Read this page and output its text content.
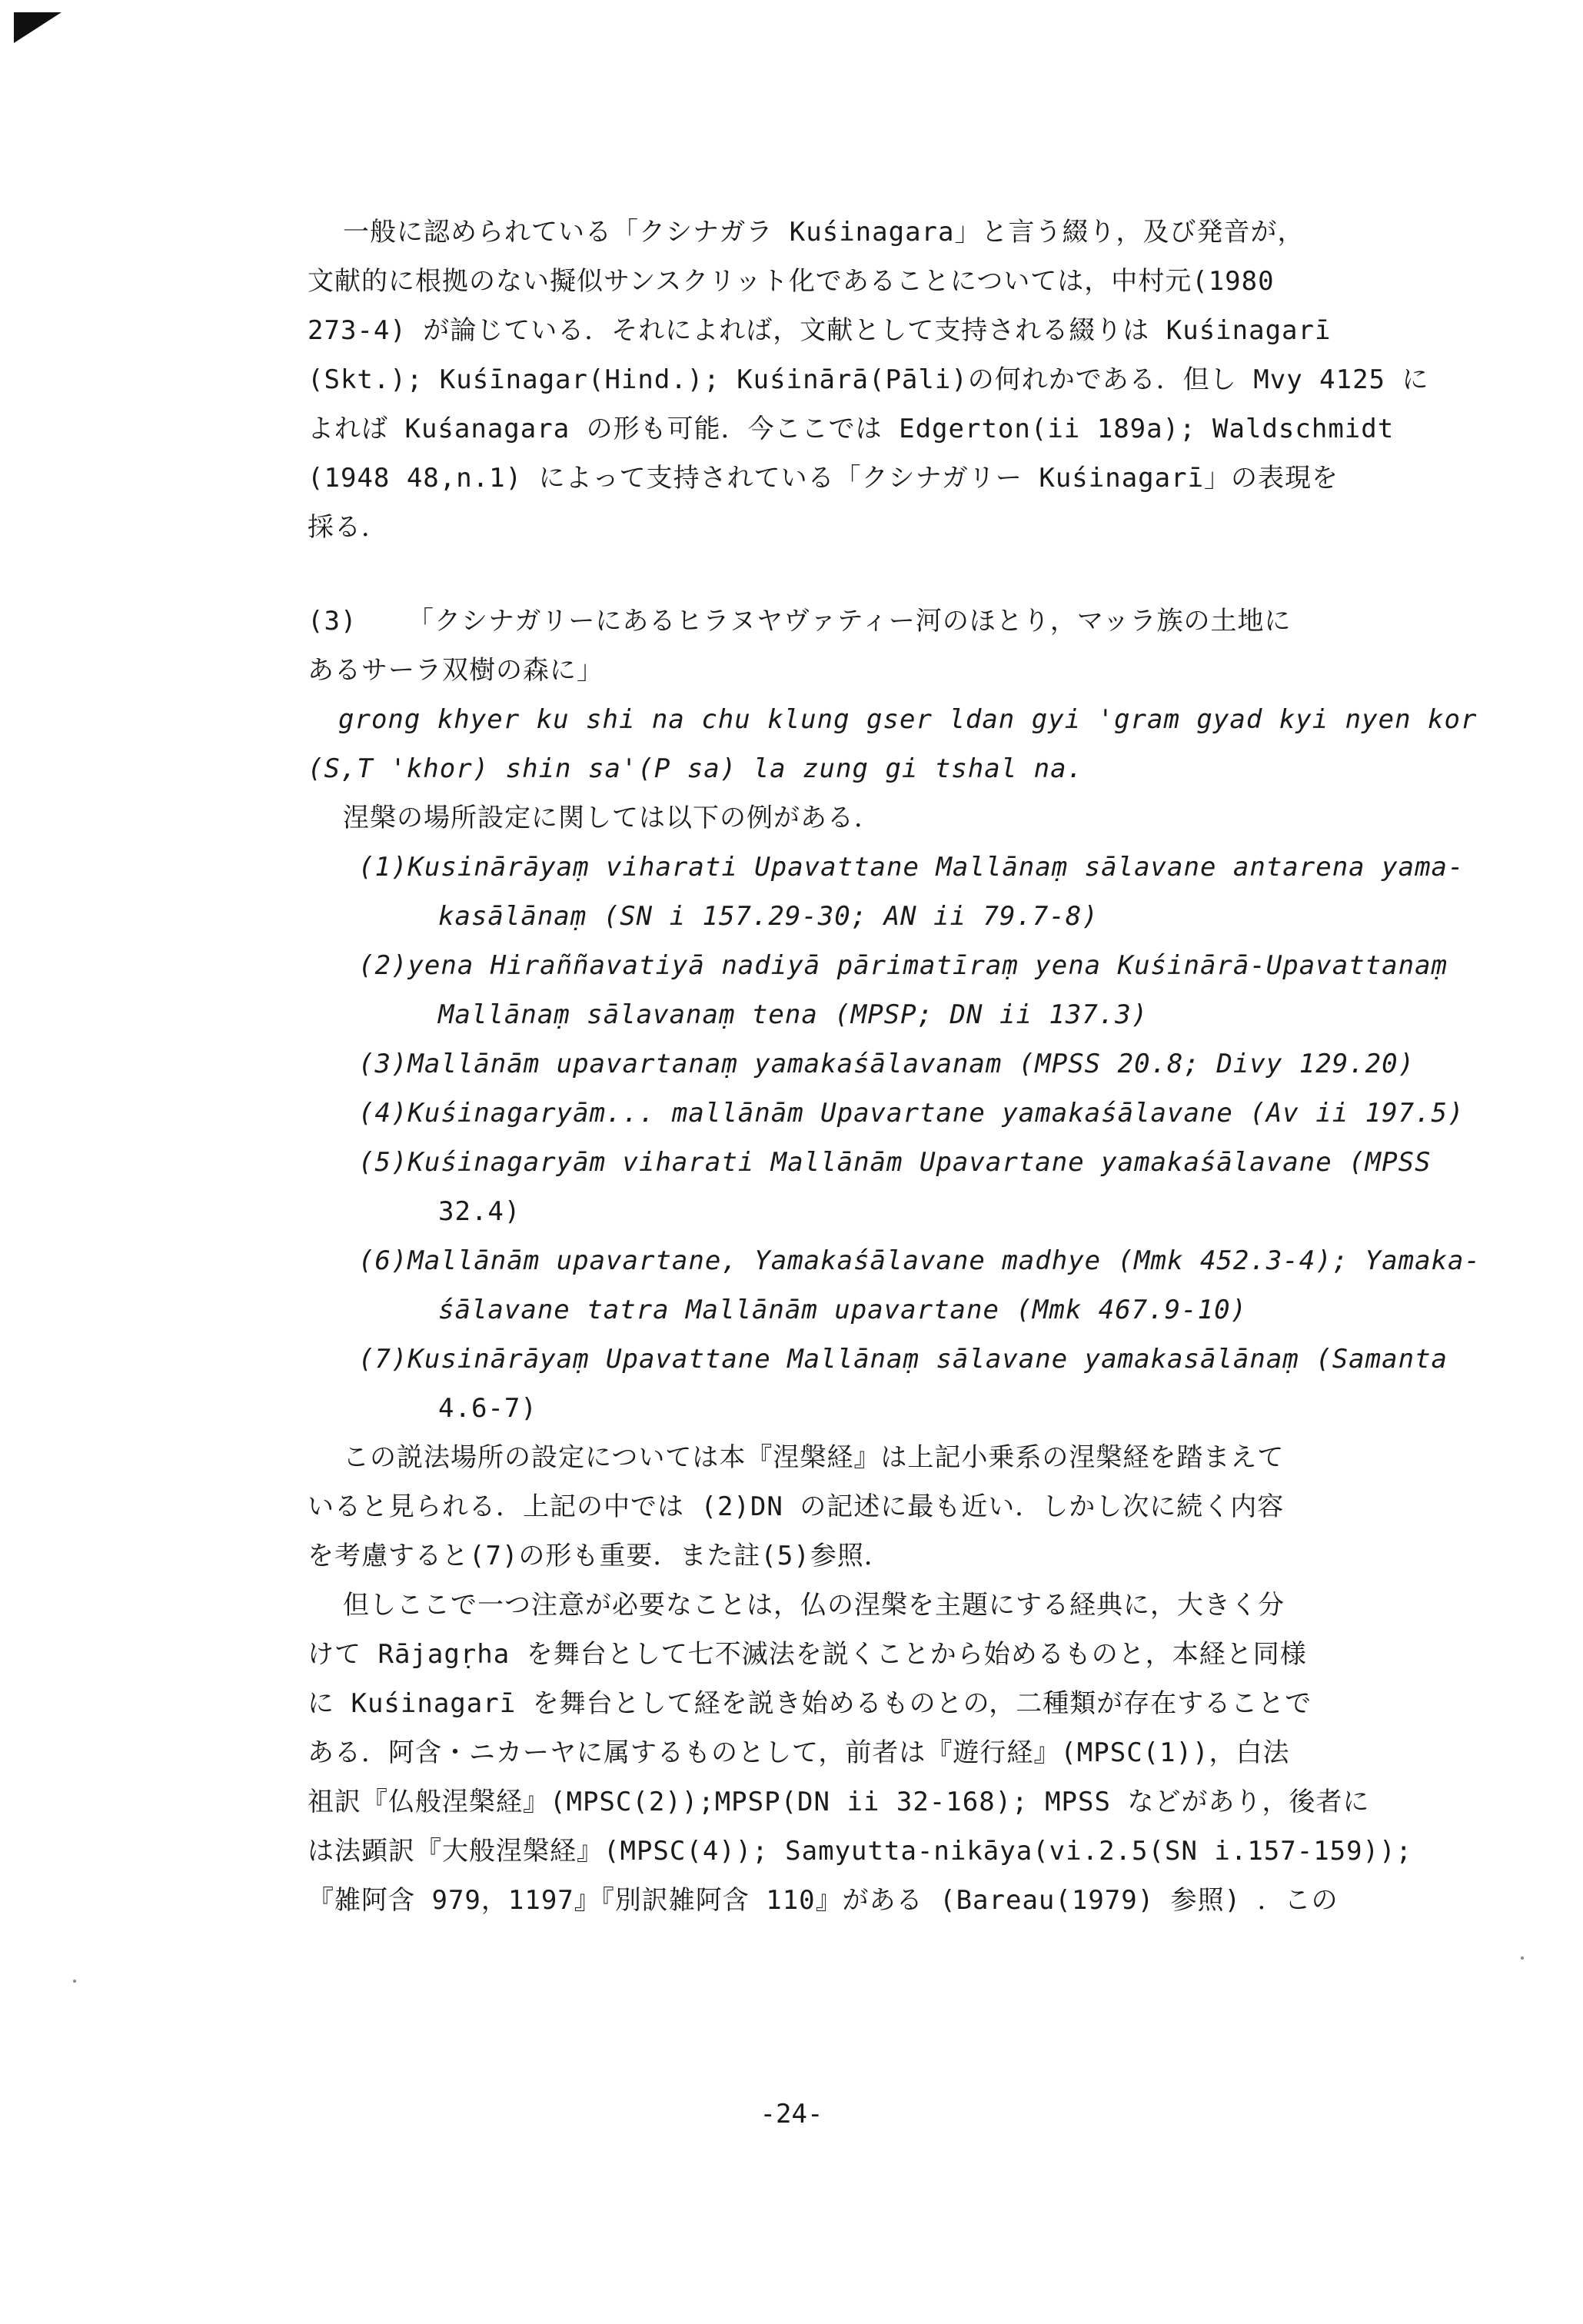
一般に認められている「クシナガラ Kuśinagara」と言う綴り，及び発音が，

文献的に根拠のない擬似サンスクリット化であることについては，中村元(1980

273-4) が論じている．それによれば，文献として支持される綴りは Kuśinagarī

(Skt.); Kuśīnagar(Hind.); Kuśinārā(Pāli)の何れかである．但し Mvy 4125 に

よれば Kuśanagara の形も可能．今ここでは Edgerton(ii 189a); Waldschmidt

(1948 48,n.1) によって支持されている「クシナガリー Kuśinagarī」の表現を

採る．

(3) 「クシナガリーにあるヒラヌヤヴァティー河のほとり，マッラ族の土地に

あるサーラ双樹の森に」

grong khyer ku shi na chu klung gser ldan gyi 'gram gyad kyi nyen kor

(S,T 'khor) shin sa'(P sa) la zung gi tshal na.

涅槃の場所設定に関しては以下の例がある．

(1)Kusinārāyaṃ viharati Upavattane Mallānaṃ sālavane antarena yama-

kasālānaṃ (SN i 157.29-30; AN ii 79.7-8)

(2)yena Hiraññavatiyā nadiyā pārimatīraṃ yena Kuśinārā-Upavattanaṃ

Mallānaṃ sālavanaṃ tena (MPSP; DN ii 137.3)

(3)Mallānām upavartanaṃ yamakaśālavanam (MPSS 20.8; Divy 129.20)

(4)Kuśinagaryām... mallānām Upavartane yamakaśālavane (Av ii 197.5)

(5)Kuśinagaryām viharati Mallānām Upavartane yamakaśālavane (MPSS

32.4)

(6)Mallānām upavartane, Yamakaśālavane madhye (Mmk 452.3-4); Yamaka-

śālavane tatra Mallānām upavartane (Mmk 467.9-10)

(7)Kusinārāyaṃ Upavattane Mallānaṃ sālavane yamakasālānaṃ (Samanta

4.6-7)

この説法場所の設定については本『涅槃経』は上記小乗系の涅槃経を踏まえて

いると見られる．上記の中では (2)DN の記述に最も近い．しかし次に続く内容

を考慮すると(7)の形も重要．また註(5)参照．

但しここで一つ注意が必要なことは，仏の涅槃を主題にする経典に，大きく分

けて Rājagṛha を舞台として七不滅法を説くことから始めるものと，本経と同様

に Kuśinagarī を舞台として経を説き始めるものとの，二種類が存在することで

ある．阿含・ニカーヤに属するものとして，前者は『遊行経』(MPSC(1))，白法

祖訳『仏般涅槃経』(MPSC(2));MPSP(DN ii 32-168); MPSS などがあり，後者に

は法顕訳『大般涅槃経』(MPSC(4)); Samyutta-nikāya(vi.2.5(SN i.157-159));

『雑阿含 979，1197』『別訳雑阿含 110』がある (Bareau(1979) 参照) ．この

-24-
